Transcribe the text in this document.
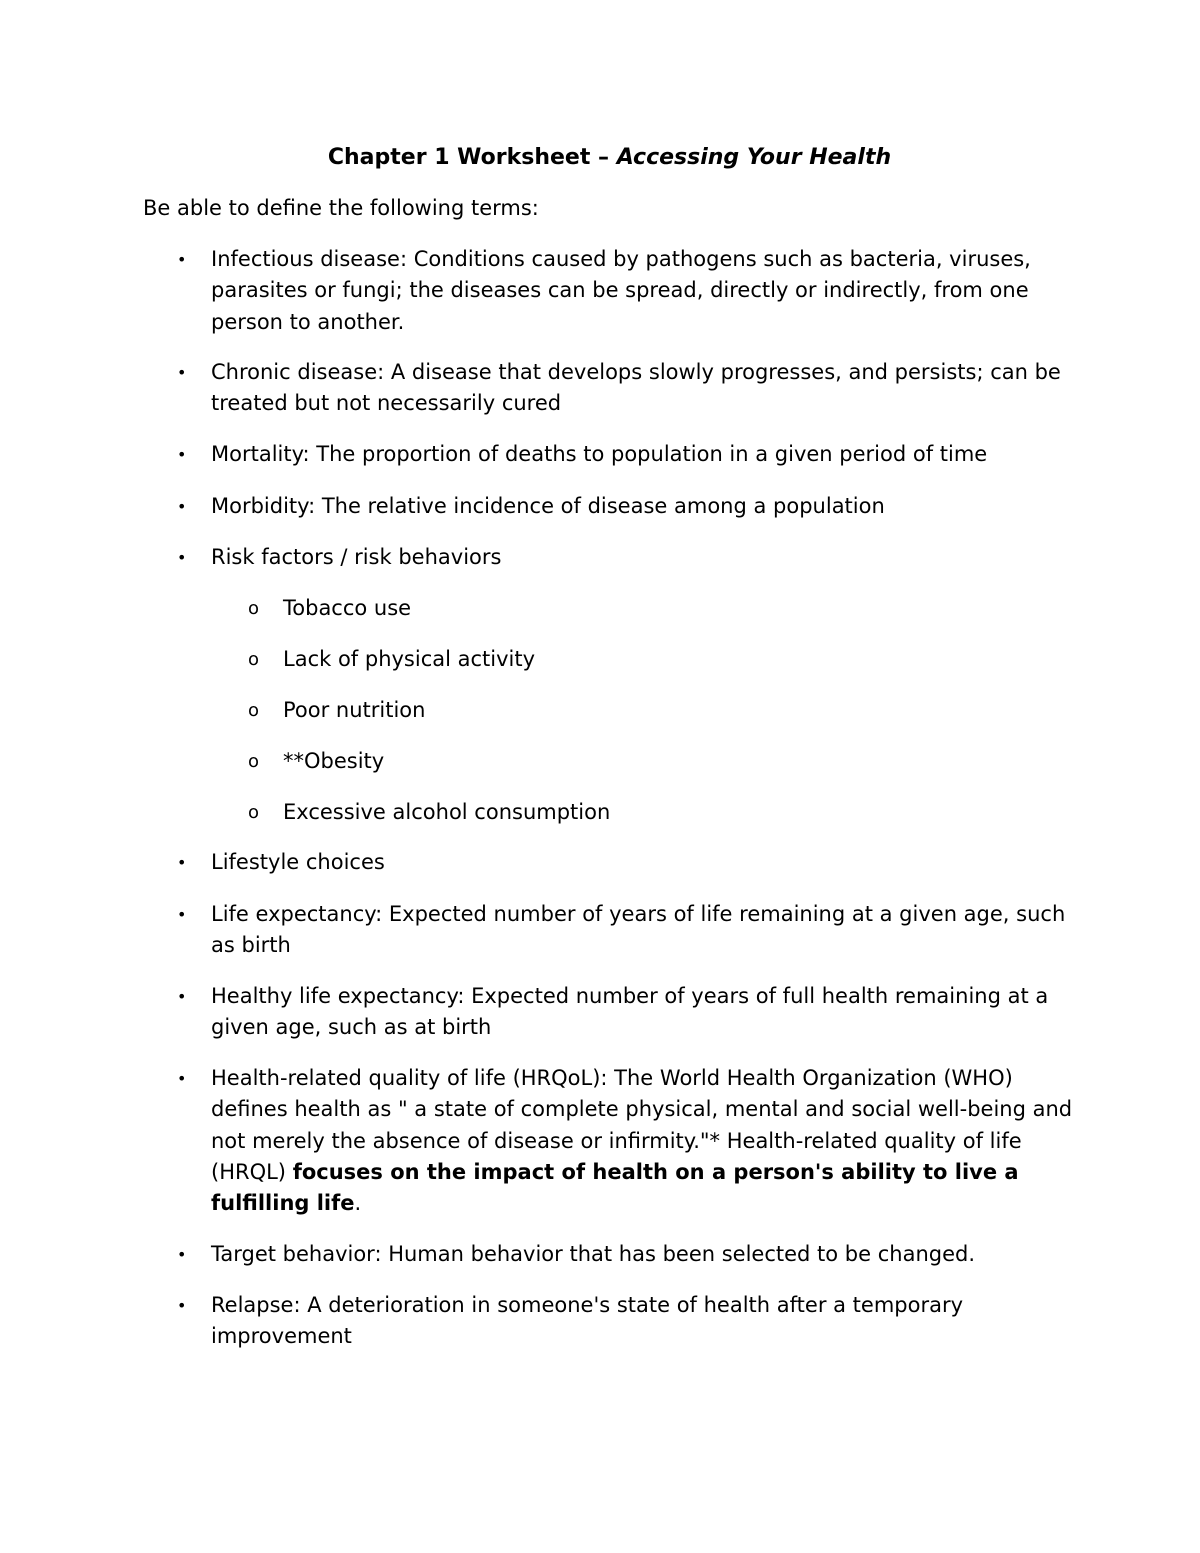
Chapter 1 Worksheet – Accessing Your Health
Be able to define the following terms:
• Infectious disease: Conditions caused by pathogens such as bacteria, viruses, parasites or fungi; the diseases can be spread, directly or indirectly, from one person to another.
• Chronic disease: A disease that develops slowly progresses, and persists; can be treated but not necessarily cured
• Mortality: The proportion of deaths to population in a given period of time
• Morbidity: The relative incidence of disease among a population
• Risk factors / risk behaviors
o Tobacco use
o Lack of physical activity
o Poor nutrition
o **Obesity
o Excessive alcohol consumption
• Lifestyle choices
• Life expectancy: Expected number of years of life remaining at a given age, such as birth
• Healthy life expectancy: Expected number of years of full health remaining at a given age, such as at birth
• Health-related quality of life (HRQoL): The World Health Organization (WHO) defines health as " a state of complete physical, mental and social well-being and not merely the absence of disease or infirmity."* Health-related quality of life (HRQL) focuses on the impact of health on a person's ability to live a fulfilling life.
• Target behavior: Human behavior that has been selected to be changed.
• Relapse: A deterioration in someone's state of health after a temporary improvement
